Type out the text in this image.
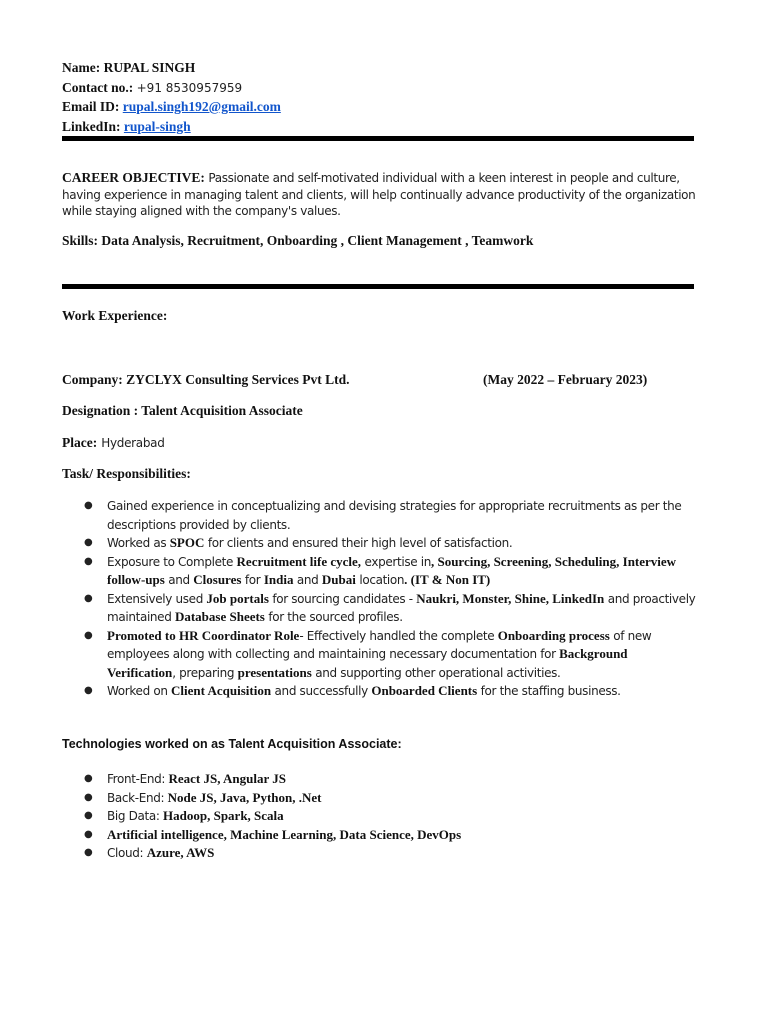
Name: RUPAL SINGH
Contact no.: +91 8530957959
Email ID: rupal.singh192@gmail.com
LinkedIn: rupal-singh
CAREER OBJECTIVE: Passionate and self-motivated individual with a keen interest in people and culture, having experience in managing talent and clients, will help continually advance productivity of the organization while staying aligned with the company's values.
Skills: Data Analysis, Recruitment, Onboarding , Client Management , Teamwork
Work Experience:
Company: ZYCLYX Consulting Services Pvt Ltd.	(May 2022 – February 2023)
Designation : Talent Acquisition Associate
Place: Hyderabad
Task/ Responsibilities:
● Gained experience in conceptualizing and devising strategies for appropriate recruitments as per the descriptions provided by clients.
● Worked as SPOC for clients and ensured their high level of satisfaction.
● Exposure to Complete Recruitment life cycle, expertise in, Sourcing, Screening, Scheduling, Interview follow-ups and Closures for India and Dubai location. (IT & Non IT)
● Extensively used Job portals for sourcing candidates - Naukri, Monster, Shine, LinkedIn and proactively maintained Database Sheets for the sourced profiles.
● Promoted to HR Coordinator Role- Effectively handled the complete Onboarding process of new employees along with collecting and maintaining necessary documentation for Background Verification, preparing presentations and supporting other operational activities.
● Worked on Client Acquisition and successfully Onboarded Clients for the staffing business.
Technologies worked on as Talent Acquisition Associate:
● Front-End: React JS, Angular JS
● Back-End: Node JS, Java, Python, .Net
● Big Data: Hadoop, Spark, Scala
● Artificial intelligence, Machine Learning, Data Science, DevOps
● Cloud: Azure, AWS
